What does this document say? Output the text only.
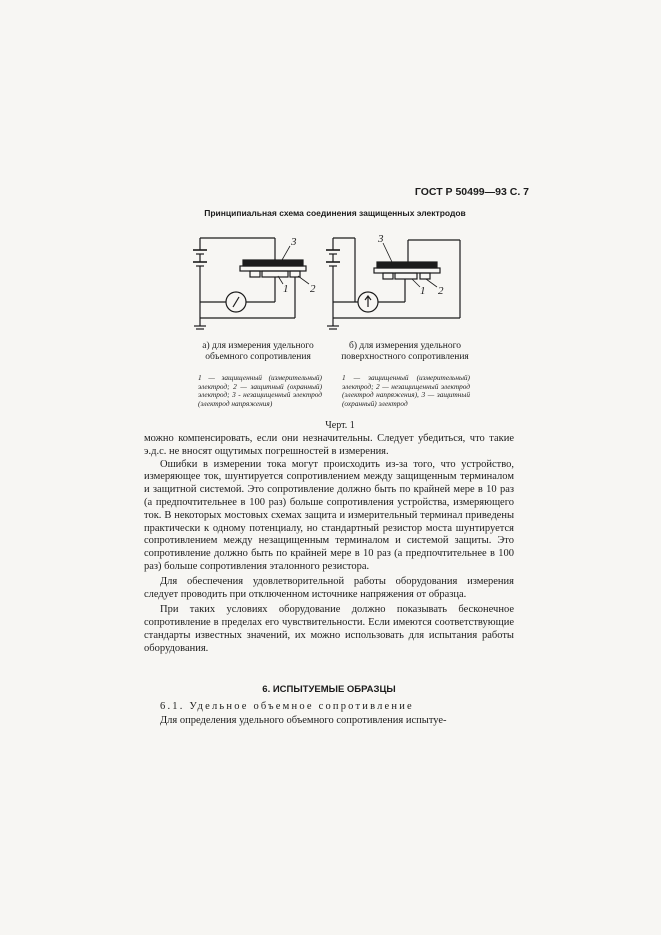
ГОСТ Р 50499—93 С. 7
Принципиальная схема соединения защищенных электродов
3
1 2
3
1 2
а) для измерения удельного объемного сопротивления
б) для измерения удельного поверхностного сопротивления
1 — защищенный (измерительный) электрод; 2 — защитный (охранный) электрод; 3 - незащищенный электрод (электрод напряжения)
1 — защищенный (измерительный) электрод; 2 — незащищенный электрод (электрод напряжения), 3 — защитный (охранный) электрод
Черт. 1

можно компенсировать, если они незначительны. Следует убедиться, что такие э.д.с. не вносят ощутимых погрешностей в измерения.

Ошибки в измерении тока могут происходить из-за того, что устройство, измеряющее ток, шунтируется сопротивлением между защищенным терминалом и защитной системой. Это сопротивление должно быть по крайней мере в 10 раз (а предпочтительнее в 100 раз) больше сопротивления устройства, измеряющего ток. В некоторых мостовых схемах защита и измерительный терминал приведены практически к одному потенциалу, но стандартный резистор моста шунтируется сопротивлением между незащищенным терминалом и системой защиты. Это сопротивление должно быть по крайней мере в 10 раз (а предпочтительнее в 100 раз) больше сопротивления эталонного резистора.

Для обеспечения удовлетворительной работы оборудования измерения следует проводить при отключенном источнике напряжения от образца.

При таких условиях оборудование должно показывать бесконечное сопротивление в пределах его чувствительности. Если имеются соответствующие стандарты известных значений, их можно использовать для испытания работы оборудования.

6. ИСПЫТУЕМЫЕ ОБРАЗЦЫ
6.1. Удельное объемное сопротивление
Для определения удельного объемного сопротивления испытуе-
